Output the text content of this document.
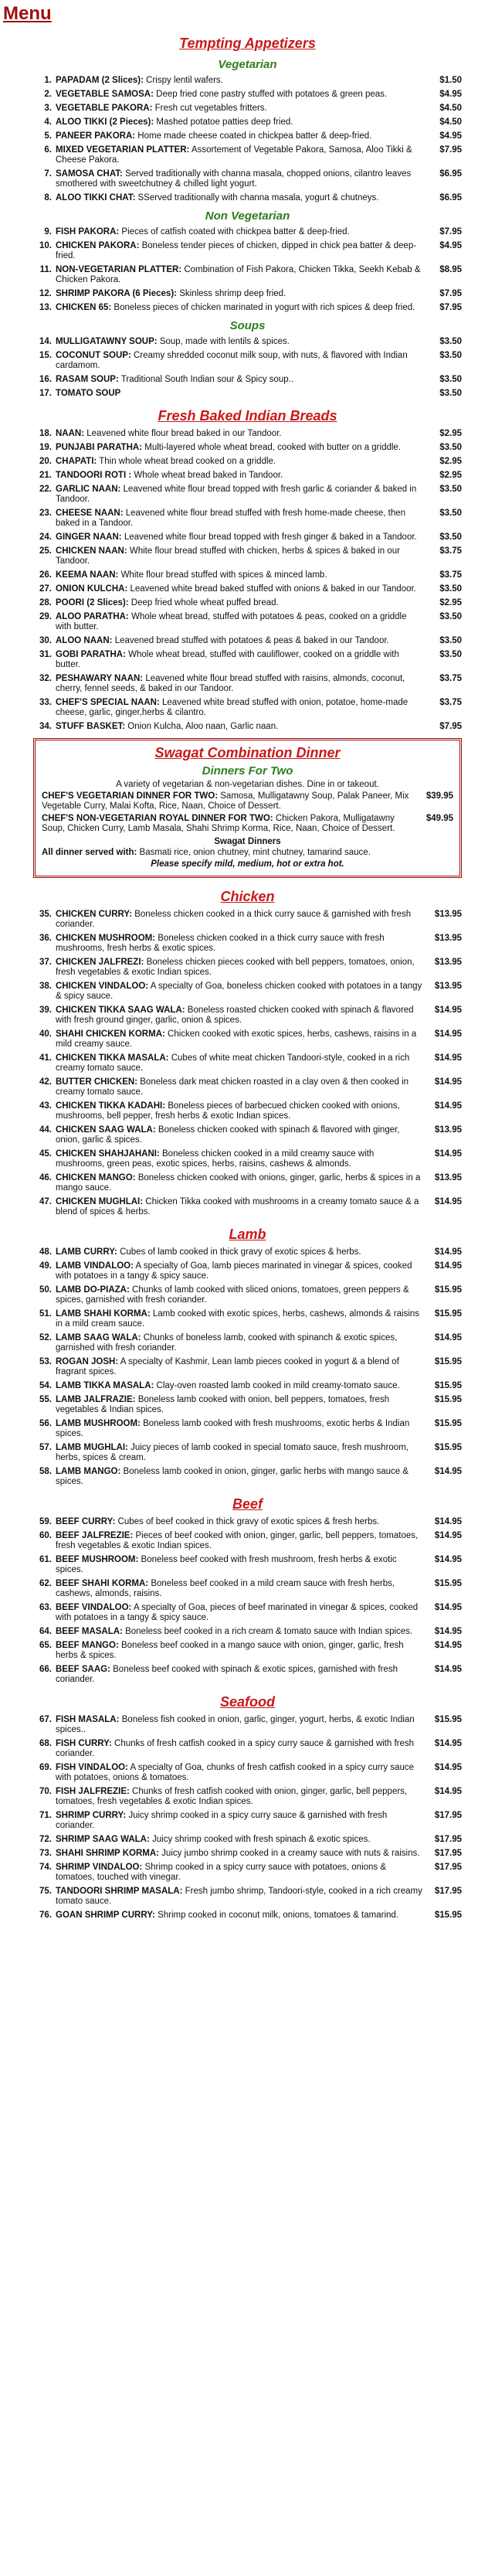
Menu
Tempting Appetizers
Vegetarian
1. PAPADAM (2 Slices): Crispy lentil wafers.	$1.50
2. VEGETABLE SAMOSA: Deep fried cone pastry stuffed with potatoes & green peas.	$4.95
3. VEGETABLE PAKORA: Fresh cut vegetables fritters.	$4.50
4. ALOO TIKKI (2 Pieces): Mashed potatoe patties deep fried.	$4.50
5. PANEER PAKORA: Home made cheese coated in chickpea batter & deep-fried.	$4.95
6. MIXED VEGETARIAN PLATTER: Assortement of Vegetable Pakora, Samosa, Aloo Tikki & Cheese Pakora.
$7.95
7. SAMOSA CHAT: Served traditionally with channa masala, chopped onions, cilantro leaves smothered with sweetchutney & chilled light yogurt.
$6.95
8. ALOO TIKKI CHAT: SServed traditionally with channa masala, yogurt & chutneys.	$6.95
Non Vegetarian
9. FISH PAKORA: Pieces of catfish coated with chickpea batter & deep-fried.	$7.95
10. CHICKEN PAKORA: Boneless tender pieces of chicken, dipped in chick pea batter & deep-fried.
$4.95
11. NON-VEGETARIAN PLATTER: Combination of Fish Pakora, Chicken Tikka, Seekh Kebab & Chicken Pakora.
$8.95
12. SHRIMP PAKORA (6 Pieces): Skinless shrimp deep fried.	$7.95
13. CHICKEN 65: Boneless pieces of chicken marinated in yogurt with rich spices & deep fried.	$7.95
Soups
14. MULLIGATAWNY SOUP: Soup, made with lentils & spices.	$3.50
15. COCONUT SOUP: Creamy shredded coconut milk soup, with nuts, & flavored with Indian cardamom.
$3.50
16. RASAM SOUP: Traditional South Indian sour & Spicy soup..	$3.50
17. TOMATO SOUP	$3.50
Fresh Baked Indian Breads
18. NAAN: Leavened white flour bread baked in our Tandoor.	$2.95
19. PUNJABI PARATHA: Multi-layered whole wheat bread, cooked with butter on a griddle.	$3.50
20. CHAPATI: Thin whole wheat bread cooked on a griddle.	$2.95
21. TANDOORI ROTI : Whole wheat bread baked in Tandoor.	$2.95
22. GARLIC NAAN: Leavened white flour bread topped with fresh garlic & coriander & baked in Tandoor.
$3.50
23. CHEESE NAAN: Leavened white flour bread stuffed with fresh home-made cheese, then baked in a Tandoor.
$3.50
24. GINGER NAAN: Leavened white flour bread topped with fresh ginger & baked in a Tandoor.	$3.50
25. CHICKEN NAAN: White flour bread stuffed with chicken, herbs & spices & baked in our Tandoor.
$3.75
26. KEEMA NAAN: White flour bread stuffed with spices & minced lamb.	$3.75
27. ONION KULCHA: Leavened white bread baked stuffed with onions & baked in our Tandoor.	$3.50
28. POORI (2 Slices): Deep fried whole wheat puffed bread.	$2.95
29. ALOO PARATHA: Whole wheat bread, stuffed with potatoes & peas, cooked on a griddle with butter.
$3.50
30. ALOO NAAN: Leavened bread stuffed with potatoes & peas & baked in our Tandoor.	$3.50
31. GOBI PARATHA: Whole wheat bread, stuffed with cauliflower, cooked on a griddle with butter.
$3.50
32. PESHAWARY NAAN: Leavened white flour bread stuffed with raisins, almonds, coconut, cherry, fennel seeds, & baked in our Tandoor.
$3.75
33. CHEF'S SPECIAL NAAN: Leavened white bread stuffed with onion, potatoe, home-made cheese, garlic, ginger,herbs & cilantro.
$3.75
34. STUFF BASKET: Onion Kulcha, Aloo naan, Garlic naan.	$7.95
Swagat Combination Dinner
Dinners For Two
A variety of vegetarian & non-vegetarian dishes. Dine in or takeout.
CHEF'S VEGETARIAN DINNER FOR TWO: Samosa, Mulligatawny Soup, Palak Paneer, Mix Vegetable Curry, Malai Kofta, Rice, Naan, Choice of Dessert.
$39.95
CHEF'S NON-VEGETARIAN ROYAL DINNER FOR TWO: Chicken Pakora, Mulligatawny Soup, Chicken Curry, Lamb Masala, Shahi Shrimp Korma, Rice, Naan, Choice of Dessert.
$49.95
Swagat Dinners
All dinner served with: Basmati rice, onion chutney, mint chutney, tamarind sauce.
Please specify mild, medium, hot or extra hot.
Chicken
35. CHICKEN CURRY: Boneless chicken cooked in a thick curry sauce & garnished with fresh coriander.
$13.95
36. CHICKEN MUSHROOM: Boneless chicken cooked in a thick curry sauce with fresh mushrooms, fresh herbs & exotic spices.
$13.95
37. CHICKEN JALFREZI: Boneless chicken pieces cooked with bell peppers, tomatoes, onion, fresh vegetables & exotic Indian spices.
$13.95
38. CHICKEN VINDALOO: A specialty of Goa, boneless chicken cooked with potatoes in a tangy & spicy sauce.
$13.95
39. CHICKEN TIKKA SAAG WALA: Boneless roasted chicken cooked with spinach & flavored with fresh ground ginger, garlic, onion & spices.
$14.95
40. SHAHI CHICKEN KORMA: Chicken cooked with exotic spices, herbs, cashews, raisins in a mild creamy sauce.
$14.95
41. CHICKEN TIKKA MASALA: Cubes of white meat chicken Tandoori-style, cooked in a rich creamy tomato sauce.
$14.95
42. BUTTER CHICKEN: Boneless dark meat chicken roasted in a clay oven & then cooked in creamy tomato sauce.
$14.95
43. CHICKEN TIKKA KADAHI: Boneless pieces of barbecued chicken cooked with onions, mushrooms, bell pepper, fresh herbs & exotic Indian spices.
$14.95
44. CHICKEN SAAG WALA: Boneless chicken cooked with spinach & flavored with ginger, onion, garlic & spices.
$13.95
45. CHICKEN SHAHJAHANI: Boneless chicken cooked in a mild creamy sauce with mushrooms, green peas, exotic spices, herbs, raisins, cashews & almonds.
$14.95
46. CHICKEN MANGO: Boneless chicken cooked with onions, ginger, garlic, herbs & spices in a mango sauce.
$13.95
47. CHICKEN MUGHLAI: Chicken Tikka cooked with mushrooms in a creamy tomato sauce & a blend of spices & herbs.
$14.95
Lamb
48. LAMB CURRY: Cubes of lamb cooked in thick gravy of exotic spices & herbs.	$14.95
49. LAMB VINDALOO: A specialty of Goa, lamb pieces marinated in vinegar & spices, cooked with potatoes in a tangy & spicy sauce.
$14.95
50. LAMB DO-PIAZA: Chunks of lamb cooked with sliced onions, tomatoes, green peppers & spices, garnished with fresh coriander.
$15.95
51. LAMB SHAHI KORMA: Lamb cooked with exotic spices, herbs, cashews, almonds & raisins in a mild cream sauce.
$15.95
52. LAMB SAAG WALA: Chunks of boneless lamb, cooked with spinanch & exotic spices, garnished with fresh coriander.
$14.95
53. ROGAN JOSH: A specialty of Kashmir, Lean lamb pieces cooked in yogurt & a blend of fragrant spices.
$15.95
54. LAMB TIKKA MASALA: Clay-oven roasted lamb cooked in mild creamy-tomato sauce.	$15.95
55. LAMB JALFRAZIE: Boneless lamb cooked with onion, bell peppers, tomatoes, fresh vegetables & Indian spices.
$15.95
56. LAMB MUSHROOM: Boneless lamb cooked with fresh mushrooms, exotic herbs & Indian spices.
$15.95
57. LAMB MUGHLAI: Juicy pieces of lamb cooked in special tomato sauce, fresh mushroom, herbs, spices & cream.
$15.95
58. LAMB MANGO: Boneless lamb cooked in onion, ginger, garlic herbs with mango sauce & spices.
$14.95
Beef
59. BEEF CURRY: Cubes of beef cooked in thick gravy of exotic spices & fresh herbs.	$14.95
60. BEEF JALFREZIE: Pieces of beef cooked with onion, ginger, garlic, bell peppers, tomatoes, fresh vegetables & exotic Indian spices.
$14.95
61. BEEF MUSHROOM: Boneless beef cooked with fresh mushroom, fresh herbs & exotic spices.
$14.95
62. BEEF SHAHI KORMA: Boneless beef cooked in a mild cream sauce with fresh herbs, cashews, almonds, raisins.
$15.95
63. BEEF VINDALOO: A specialty of Goa, pieces of beef marinated in vinegar & spices, cooked with potatoes in a tangy & spicy sauce.
$14.95
64. BEEF MASALA: Boneless beef cooked in a rich cream & tomato sauce with Indian spices.	$14.95
65. BEEF MANGO: Boneless beef cooked in a mango sauce with onion, ginger, garlic, fresh herbs & spices.
$14.95
66. BEEF SAAG: Boneless beef cooked with spinach & exotic spices, garnished with fresh coriander.
$14.95
Seafood
67. FISH MASALA: Boneless fish cooked in onion, garlic, ginger, yogurt, herbs, & exotic Indian spices..
$15.95
68. FISH CURRY: Chunks of fresh catfish cooked in a spicy curry sauce & garnished with fresh coriander.
$14.95
69. FISH VINDALOO: A specialty of Goa, chunks of fresh catfish cooked in a spicy curry sauce with potatoes, onions & tomatoes.
$14.95
70. FISH JALFREZIE: Chunks of fresh catfish cooked with onion, ginger, garlic, bell peppers, tomatoes, fresh vegetables & exotic Indian spices.
$14.95
71. SHRIMP CURRY: Juicy shrimp cooked in a spicy curry sauce & garnished with fresh coriander.
$17.95
72. SHRIMP SAAG WALA: Juicy shrimp cooked with fresh spinach & exotic spices.	$17.95
73. SHAHI SHRIMP KORMA: Juicy jumbo shrimp cooked in a creamy sauce with nuts & raisins.	$17.95
74. SHRIMP VINDALOO: Shrimp cooked in a spicy curry sauce with potatoes, onions & tomatoes, touched with vinegar.
$17.95
75. TANDOORI SHRIMP MASALA: Fresh jumbo shrimp, Tandoori-style, cooked in a rich creamy tomato sauce.
$17.95
76. GOAN SHRIMP CURRY: Shrimp cooked in coconut milk, onions, tomatoes & tamarind.	$15.95
